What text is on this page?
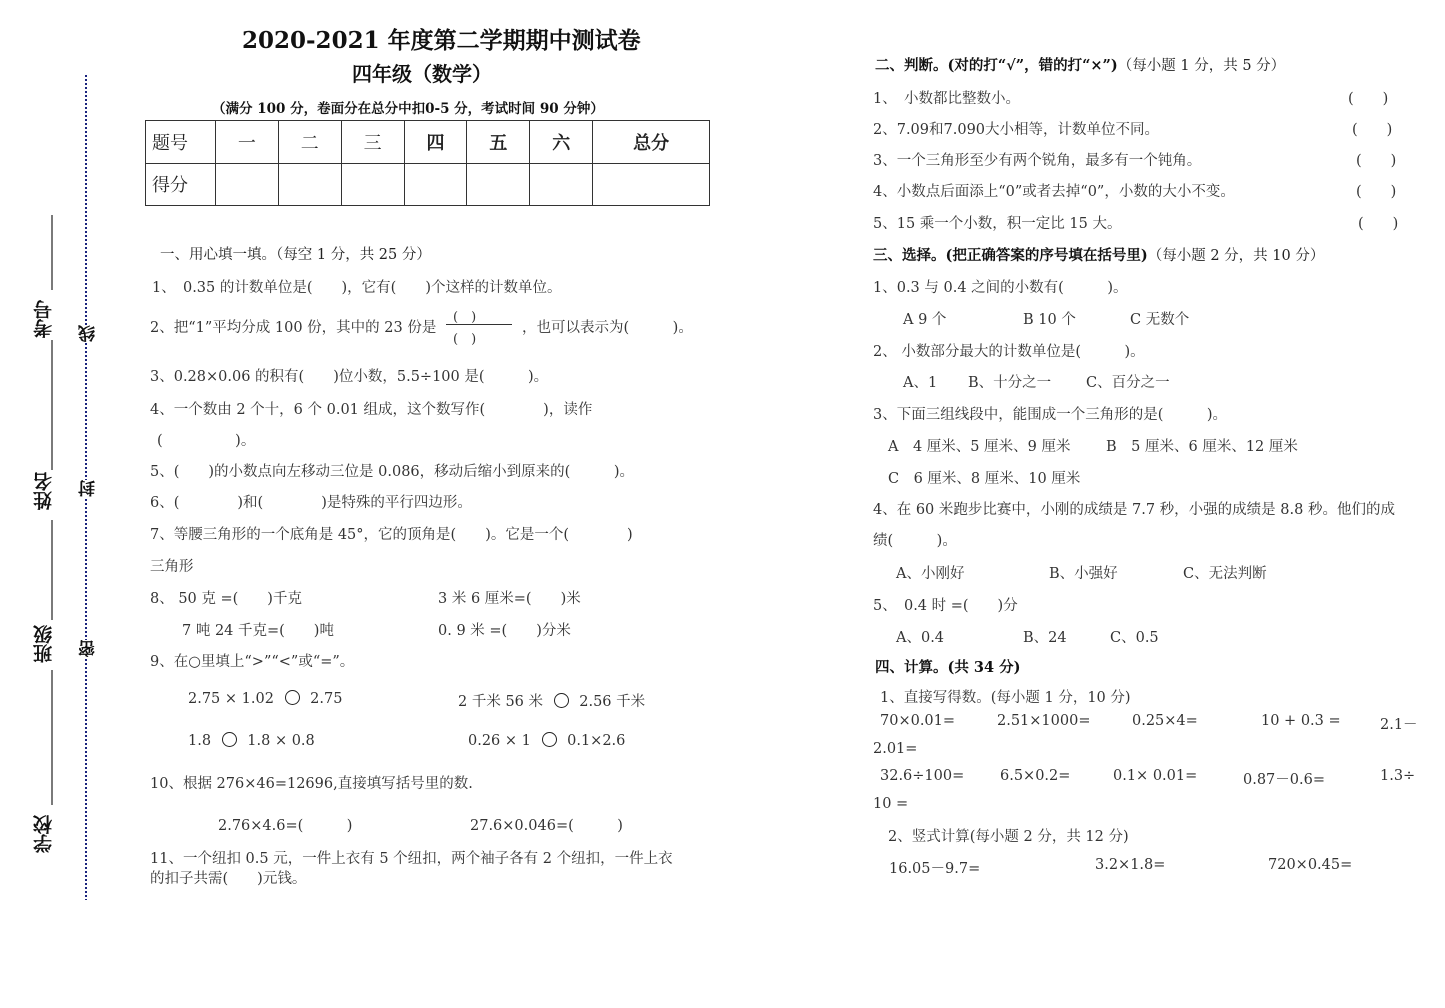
2020-2021 年度第二学期期中测试卷
四年级（数学）
（满分 100 分，卷面分在总分中扣0-5 分，考试时间 90 分钟）
学校
班级
姓名
考号
密
封
线
题号	一	二	三	四	五	六	总分
得分							
一、用心填一填。（每空 1 分，共 25 分）
1、　0.35 的计数单位是(　　)，它有(　　)个这样的计数单位。
2、把“1”平均分成 100 份，其中的 23 份是
(　)
(　)
，也可以表示为(　　　)。
3、0.28×0.06 的积有(　　)位小数，5.5÷100 是(　　　)。
4、一个数由 2 个十，6 个 0.01 组成，这个数写作(　　　　)，读作
(　　　　　)。
5、(　　)的小数点向左移动三位是 0.086，移动后缩小到原来的(　　　)。
6、(　　　　)和(　　　　)是特殊的平行四边形。
7、等腰三角形的一个底角是 45°，它的顶角是(　　)。它是一个(　　　　)
三角形
8、 50 克 =(　　)千克	3 米 6 厘米=(　　)米
7 吨 24 千克=(　　)吨	0. 9 米 =(　　)分米
9、在○里填上“>”“<”或“=”。
2.75 × 1.02 2.75	2 千米 56 米 2.56 千米
1.8 1.8 × 0.8	0.26 × 1 0.1×2.6
10、根据 276×46=12696,直接填写括号里的数.
2.76×4.6=(　　　)	27.6×0.046=(　　　)
11、一个纽扣 0.5 元，一件上衣有 5 个纽扣，两个袖子各有 2 个纽扣，一件上衣
的扣子共需(　　)元钱。
二、判断。(对的打“√”，错的打“×”)（每小题 1 分，共 5 分）
1、　小数都比整数小。	(　　)
2、7.09和7.090大小相等，计数单位不同。	(　　)
3、一个三角形至少有两个锐角，最多有一个钝角。	(　　)
4、小数点后面添上“0”或者去掉“0”，小数的大小不变。	(　　)
5、15 乘一个小数，积一定比 15 大。	(　　)
三、选择。(把正确答案的序号填在括号里)（每小题 2 分，共 10 分）
1、0.3 与 0.4 之间的小数有(　　　)。
A 9 个	B 10 个	C 无数个
2、 小数部分最大的计数单位是(　　　)。
A、1 B、十分之一 C、百分之一
3、下面三组线段中，能围成一个三角形的是(　　　)。
A　4 厘米、5 厘米、9 厘米 B　5 厘米、6 厘米、12 厘米
C　6 厘米、8 厘米、10 厘米
4、在 60 米跑步比赛中，小刚的成绩是 7.7 秒，小强的成绩是 8.8 秒。他们的成
绩(　　　)。
A、小刚好	B、小强好	C、无法判断
5、　0.4 时 =(　　)分
A、0.4	B、24	C、0.5
四、计算。(共 34 分)
1、直接写得数。(每小题 1 分，10 分)
70×0.01=	2.51×1000=	0.25×4=	10 + 0.3 =	2.1－
2.01=
32.6÷100= 6.5×0.2=	0.1× 0.01=	0.87－0.6=	1.3÷
10 =
2、竖式计算(每小题 2 分，共 12 分)
16.05－9.7=	3.2×1.8=	720×0.45=
